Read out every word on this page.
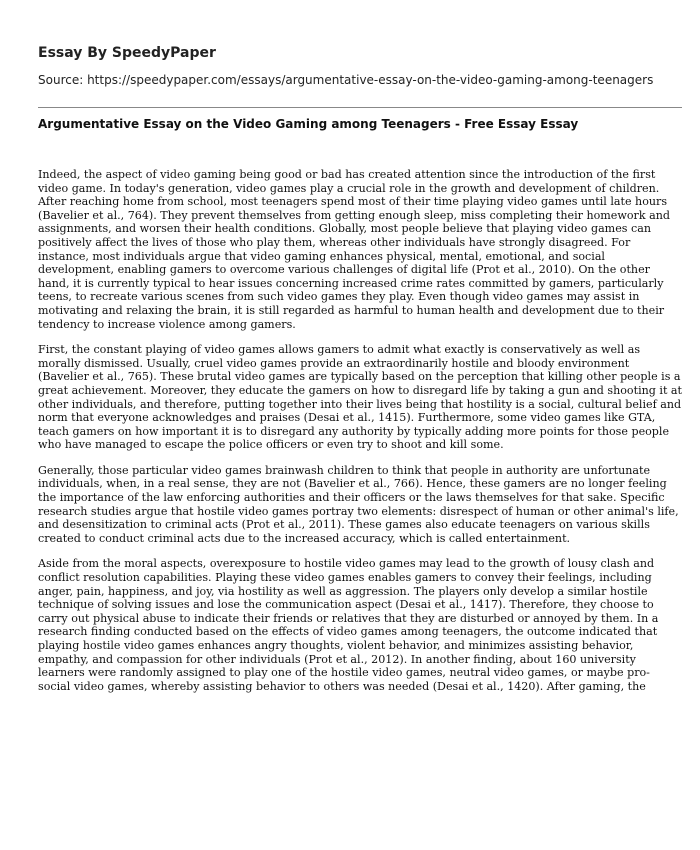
Essay By SpeedyPaper
Source: https://speedypaper.com/essays/argumentative-essay-on-the-video-gaming-among-teenagers
Argumentative Essay on the Video Gaming among Teenagers - Free Essay Essay

Indeed, the aspect of video gaming being good or bad has created attention since the introduction of the first video game. In today's generation, video games play a crucial role in the growth and development of children. After reaching home from school, most teenagers spend most of their time playing video games until late hours (Bavelier et al., 764). They prevent themselves from getting enough sleep, miss completing their homework and assignments, and worsen their health conditions. Globally, most people believe that playing video games can positively affect the lives of those who play them, whereas other individuals have strongly disagreed. For instance, most individuals argue that video gaming enhances physical, mental, emotional, and social development, enabling gamers to overcome various challenges of digital life (Prot et al., 2010). On the other hand, it is currently typical to hear issues concerning increased crime rates committed by gamers, particularly teens, to recreate various scenes from such video games they play. Even though video games may assist in motivating and relaxing the brain, it is still regarded as harmful to human health and development due to their tendency to increase violence among gamers.

First, the constant playing of video games allows gamers to admit what exactly is conservatively as well as morally dismissed. Usually, cruel video games provide an extraordinarily hostile and bloody environment (Bavelier et al., 765). These brutal video games are typically based on the perception that killing other people is a great achievement. Moreover, they educate the gamers on how to disregard life by taking a gun and shooting it at other individuals, and therefore, putting together into their lives being that hostility is a social, cultural belief and norm that everyone acknowledges and praises (Desai et al., 1415). Furthermore, some video games like GTA, teach gamers on how important it is to disregard any authority by typically adding more points for those people who have managed to escape the police officers or even try to shoot and kill some.

Generally, those particular video games brainwash children to think that people in authority are unfortunate individuals, when, in a real sense, they are not (Bavelier et al., 766). Hence, these gamers are no longer feeling the importance of the law enforcing authorities and their officers or the laws themselves for that sake. Specific research studies argue that hostile video games portray two elements: disrespect of human or other animal's life, and desensitization to criminal acts (Prot et al., 2011). These games also educate teenagers on various skills created to conduct criminal acts due to the increased accuracy, which is called entertainment.

Aside from the moral aspects, overexposure to hostile video games may lead to the growth of lousy clash and conflict resolution capabilities. Playing these video games enables gamers to convey their feelings, including anger, pain, happiness, and joy, via hostility as well as aggression. The players only develop a similar hostile technique of solving issues and lose the communication aspect (Desai et al., 1417). Therefore, they choose to carry out physical abuse to indicate their friends or relatives that they are disturbed or annoyed by them. In a research finding conducted based on the effects of video games among teenagers, the outcome indicated that playing hostile video games enhances angry thoughts, violent behavior, and minimizes assisting behavior, empathy, and compassion for other individuals (Prot et al., 2012). In another finding, about 160 university learners were randomly assigned to play one of the hostile video games, neutral video games, or maybe pro-social video games, whereby assisting behavior to others was needed (Desai et al., 1420). After gaming, the
